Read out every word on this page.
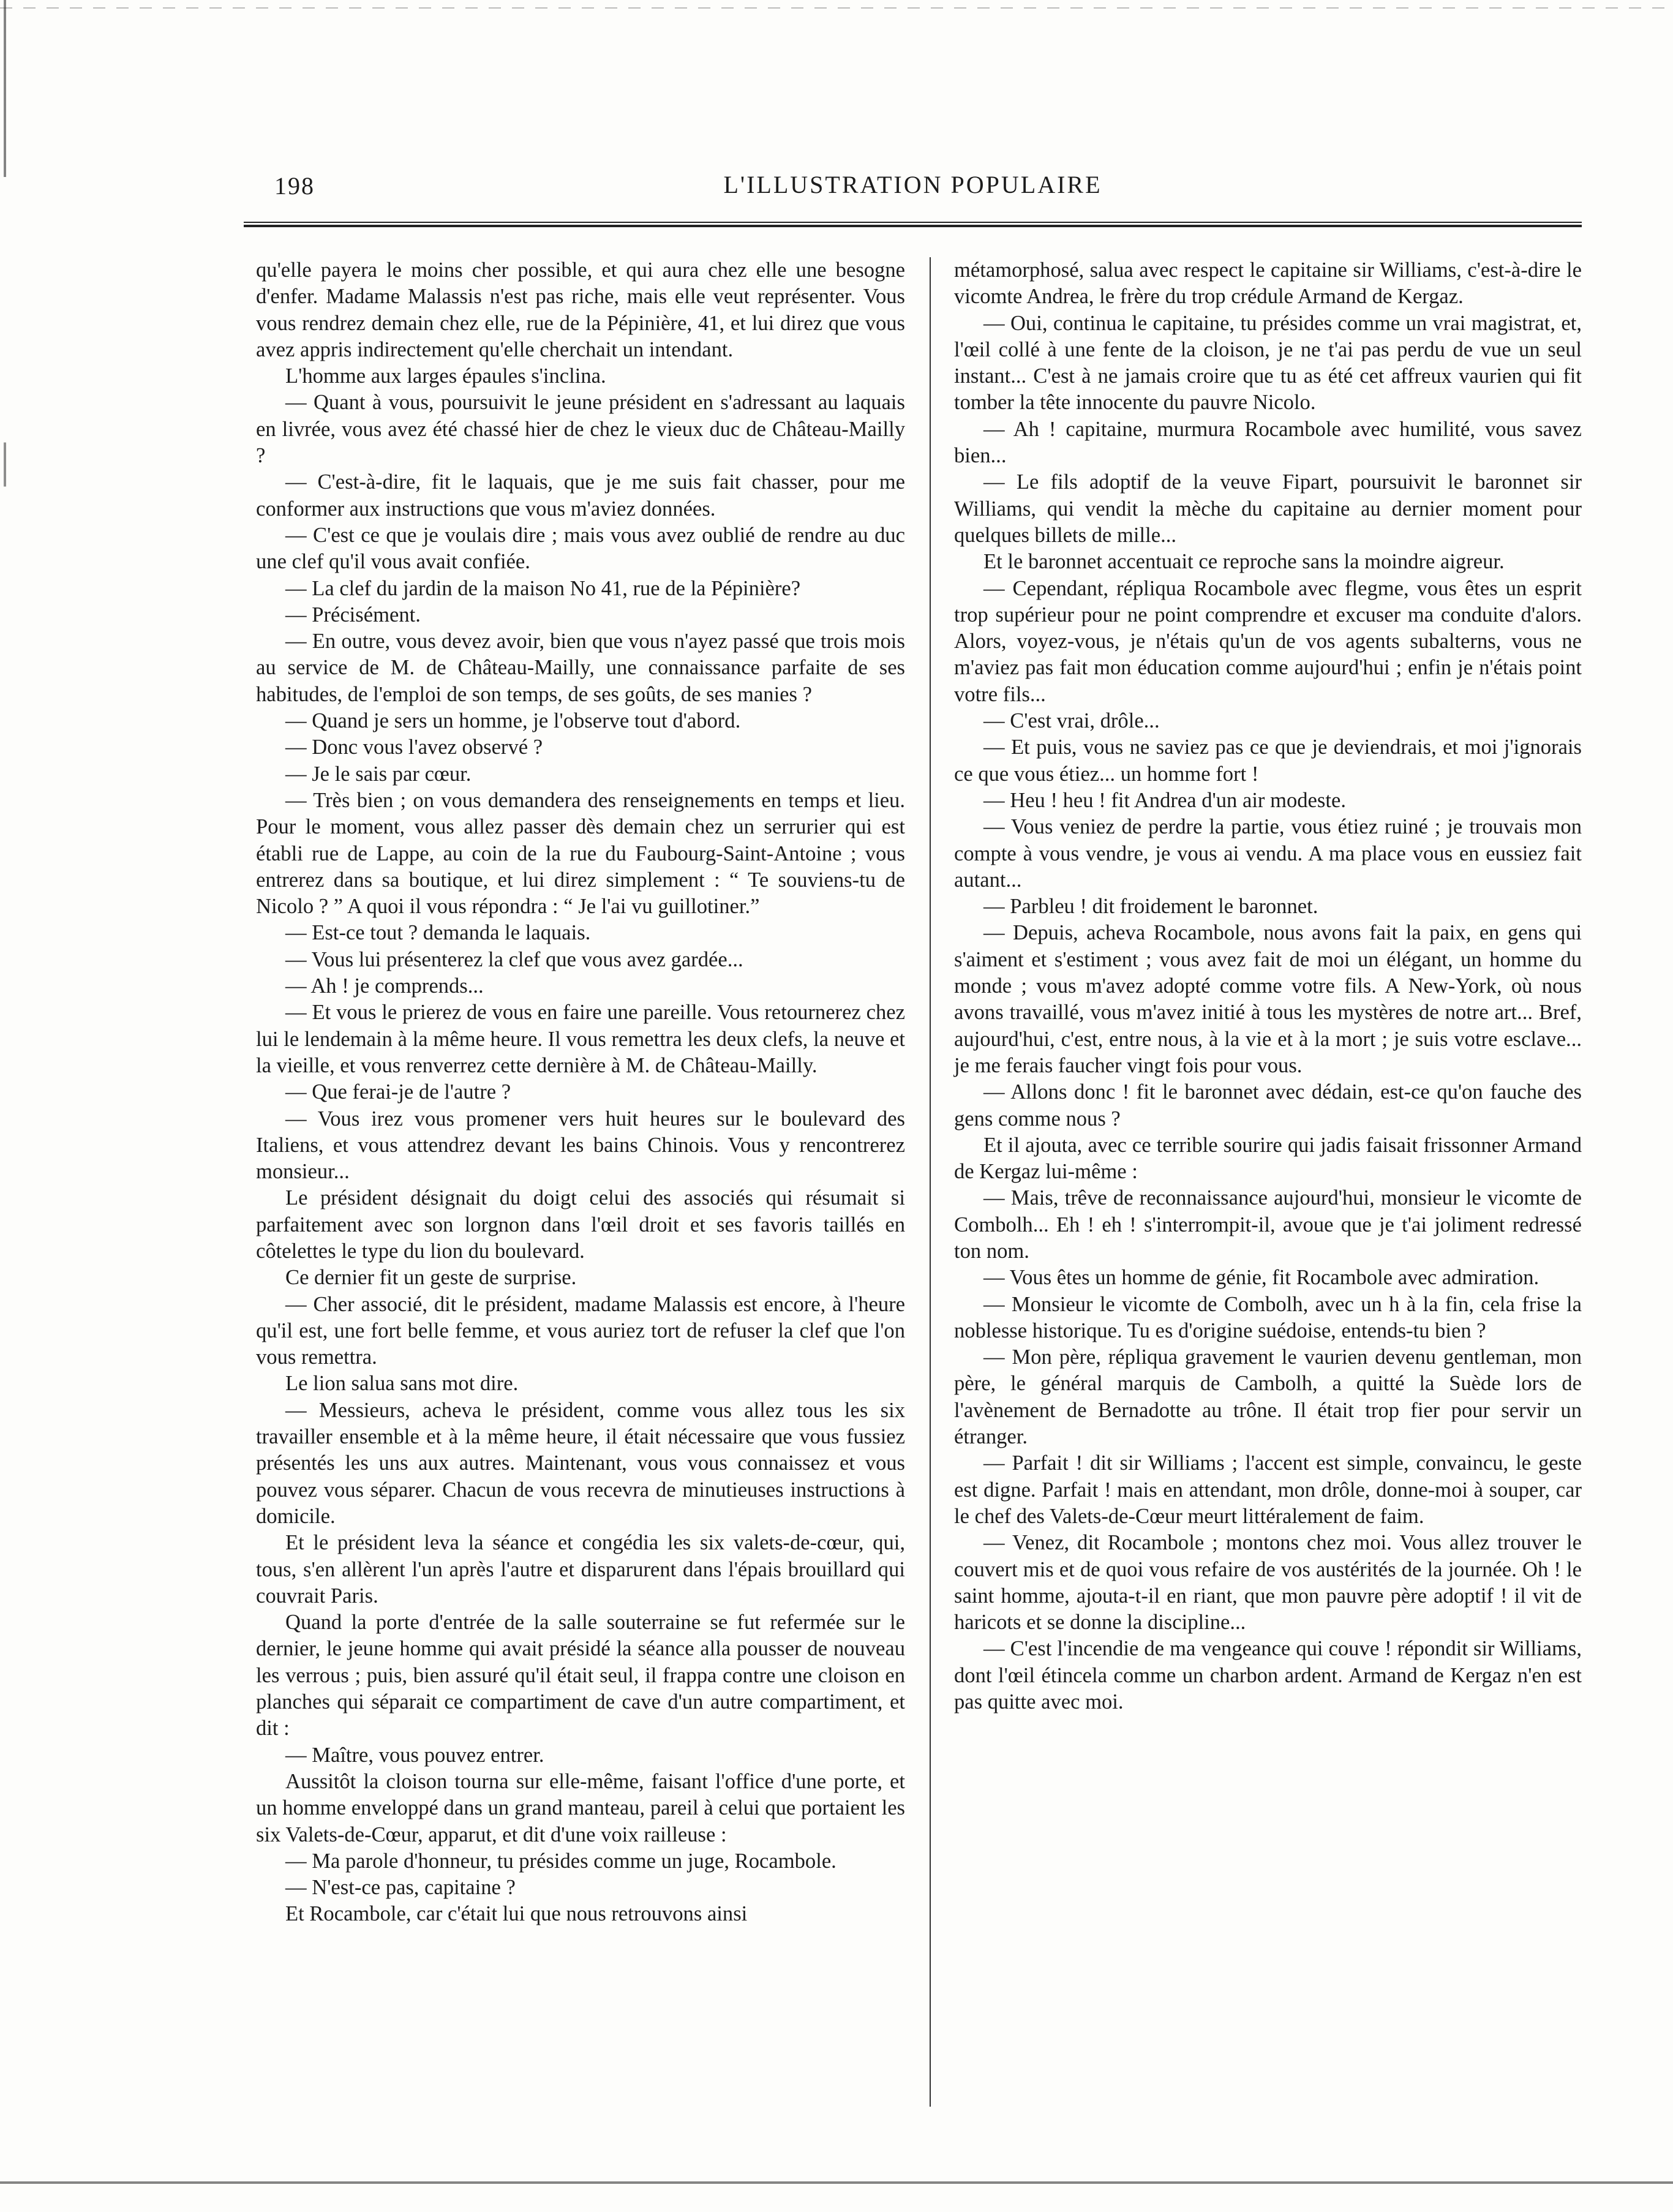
198	L'ILLUSTRATION POPULAIRE

qu'elle payera le moins cher possible, et qui aura chez elle une besogne d'enfer. Madame Malassis n'est pas riche, mais elle veut représenter. Vous vous rendrez demain chez elle, rue de la Pépinière, 41, et lui direz que vous avez appris indirectement qu'elle cherchait un intendant.

L'homme aux larges épaules s'inclina.

— Quant à vous, poursuivit le jeune président en s'adressant au laquais en livrée, vous avez été chassé hier de chez le vieux duc de Château-Mailly ?

— C'est-à-dire, fit le laquais, que je me suis fait chasser, pour me conformer aux instructions que vous m'aviez données.

— C'est ce que je voulais dire ; mais vous avez oublié de rendre au duc une clef qu'il vous avait confiée.

— La clef du jardin de la maison No 41, rue de la Pépinière?

— Précisément.

— En outre, vous devez avoir, bien que vous n'ayez passé que trois mois au service de M. de Château-Mailly, une connaissance parfaite de ses habitudes, de l'emploi de son temps, de ses goûts, de ses manies ?

— Quand je sers un homme, je l'observe tout d'abord.

— Donc vous l'avez observé ?

— Je le sais par cœur.

— Très bien ; on vous demandera des renseignements en temps et lieu. Pour le moment, vous allez passer dès demain chez un serrurier qui est établi rue de Lappe, au coin de la rue du Faubourg-Saint-Antoine ; vous entrerez dans sa boutique, et lui direz simplement : “ Te souviens-tu de Nicolo ? ” A quoi il vous répondra : “ Je l'ai vu guillotiner.”

— Est-ce tout ? demanda le laquais.

— Vous lui présenterez la clef que vous avez gardée...

— Ah ! je comprends...

— Et vous le prierez de vous en faire une pareille. Vous retournerez chez lui le lendemain à la même heure. Il vous remettra les deux clefs, la neuve et la vieille, et vous renverrez cette dernière à M. de Château-Mailly.

— Que ferai-je de l'autre ?

— Vous irez vous promener vers huit heures sur le boulevard des Italiens, et vous attendrez devant les bains Chinois. Vous y rencontrerez monsieur...

Le président désignait du doigt celui des associés qui résumait si parfaitement avec son lorgnon dans l'œil droit et ses favoris taillés en côtelettes le type du lion du boulevard.

Ce dernier fit un geste de surprise.

— Cher associé, dit le président, madame Malassis est encore, à l'heure qu'il est, une fort belle femme, et vous auriez tort de refuser la clef que l'on vous remettra.

Le lion salua sans mot dire.

— Messieurs, acheva le président, comme vous allez tous les six travailler ensemble et à la même heure, il était nécessaire que vous fussiez présentés les uns aux autres. Maintenant, vous vous connaissez et vous pouvez vous séparer. Chacun de vous recevra de minutieuses instructions à domicile.

Et le président leva la séance et congédia les six valets-de-cœur, qui, tous, s'en allèrent l'un après l'autre et disparurent dans l'épais brouillard qui couvrait Paris.

Quand la porte d'entrée de la salle souterraine se fut refermée sur le dernier, le jeune homme qui avait présidé la séance alla pousser de nouveau les verrous ; puis, bien assuré qu'il était seul, il frappa contre une cloison en planches qui séparait ce compartiment de cave d'un autre compartiment, et dit :

— Maître, vous pouvez entrer.

Aussitôt la cloison tourna sur elle-même, faisant l'office d'une porte, et un homme enveloppé dans un grand manteau, pareil à celui que portaient les six Valets-de-Cœur, apparut, et dit d'une voix railleuse :

— Ma parole d'honneur, tu présides comme un juge, Rocambole.

— N'est-ce pas, capitaine ?

Et Rocambole, car c'était lui que nous retrouvons ainsi

métamorphosé, salua avec respect le capitaine sir Williams, c'est-à-dire le vicomte Andrea, le frère du trop crédule Armand de Kergaz.

— Oui, continua le capitaine, tu présides comme un vrai magistrat, et, l'œil collé à une fente de la cloison, je ne t'ai pas perdu de vue un seul instant... C'est à ne jamais croire que tu as été cet affreux vaurien qui fit tomber la tête innocente du pauvre Nicolo.

— Ah ! capitaine, murmura Rocambole avec humilité, vous savez bien...

— Le fils adoptif de la veuve Fipart, poursuivit le baronnet sir Williams, qui vendit la mèche du capitaine au dernier moment pour quelques billets de mille...

Et le baronnet accentuait ce reproche sans la moindre aigreur.

— Cependant, répliqua Rocambole avec flegme, vous êtes un esprit trop supérieur pour ne point comprendre et excuser ma conduite d'alors. Alors, voyez-vous, je n'étais qu'un de vos agents subalterns, vous ne m'aviez pas fait mon éducation comme aujourd'hui ; enfin je n'étais point votre fils...

— C'est vrai, drôle...

— Et puis, vous ne saviez pas ce que je deviendrais, et moi j'ignorais ce que vous étiez... un homme fort !

— Heu ! heu ! fit Andrea d'un air modeste.

— Vous veniez de perdre la partie, vous étiez ruiné ; je trouvais mon compte à vous vendre, je vous ai vendu. A ma place vous en eussiez fait autant...

— Parbleu ! dit froidement le baronnet.

— Depuis, acheva Rocambole, nous avons fait la paix, en gens qui s'aiment et s'estiment ; vous avez fait de moi un élégant, un homme du monde ; vous m'avez adopté comme votre fils. A New-York, où nous avons travaillé, vous m'avez initié à tous les mystères de notre art... Bref, aujourd'hui, c'est, entre nous, à la vie et à la mort ; je suis votre esclave... je me ferais faucher vingt fois pour vous.

— Allons donc ! fit le baronnet avec dédain, est-ce qu'on fauche des gens comme nous ?

Et il ajouta, avec ce terrible sourire qui jadis faisait frissonner Armand de Kergaz lui-même :

— Mais, trêve de reconnaissance aujourd'hui, monsieur le vicomte de Combolh... Eh ! eh ! s'interrompit-il, avoue que je t'ai joliment redressé ton nom.

— Vous êtes un homme de génie, fit Rocambole avec admiration.

— Monsieur le vicomte de Combolh, avec un h à la fin, cela frise la noblesse historique. Tu es d'origine suédoise, entends-tu bien ?

— Mon père, répliqua gravement le vaurien devenu gentleman, mon père, le général marquis de Cambolh, a quitté la Suède lors de l'avènement de Bernadotte au trône. Il était trop fier pour servir un étranger.

— Parfait ! dit sir Williams ; l'accent est simple, convaincu, le geste est digne. Parfait ! mais en attendant, mon drôle, donne-moi à souper, car le chef des Valets-de-Cœur meurt littéralement de faim.

— Venez, dit Rocambole ; montons chez moi. Vous allez trouver le couvert mis et de quoi vous refaire de vos austérités de la journée. Oh ! le saint homme, ajouta-t-il en riant, que mon pauvre père adoptif ! il vit de haricots et se donne la discipline...

— C'est l'incendie de ma vengeance qui couve ! répondit sir Williams, dont l'œil étincela comme un charbon ardent. Armand de Kergaz n'en est pas quitte avec moi.
